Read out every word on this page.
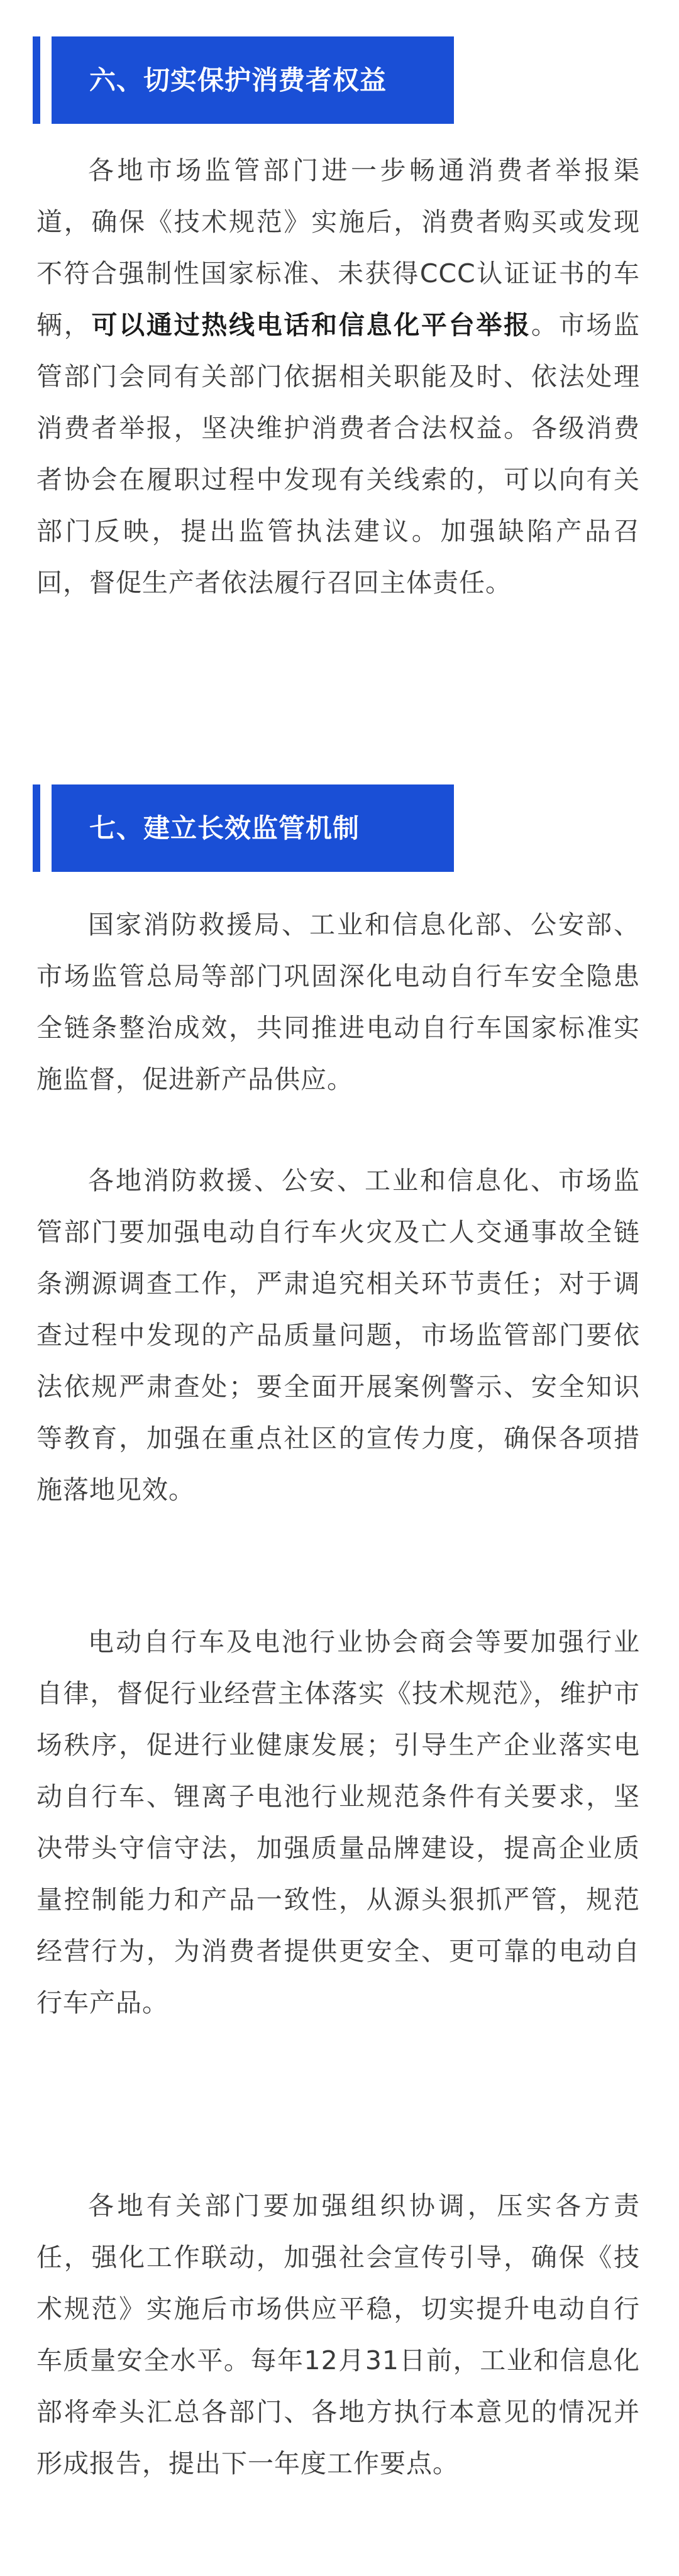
六、切实保护消费者权益

各地市场监管部门进一步畅通消费者举报渠道，确保《技术规范》实施后，消费者购买或发现不符合强制性国家标准、未获得CCC认证证书的车辆，可以通过热线电话和信息化平台举报。市场监管部门会同有关部门依据相关职能及时、依法处理消费者举报，坚决维护消费者合法权益。各级消费者协会在履职过程中发现有关线索的，可以向有关部门反映，提出监管执法建议。加强缺陷产品召回，督促生产者依法履行召回主体责任。

七、建立长效监管机制

国家消防救援局、工业和信息化部、公安部、市场监管总局等部门巩固深化电动自行车安全隐患全链条整治成效，共同推进电动自行车国家标准实施监督，促进新产品供应。

各地消防救援、公安、工业和信息化、市场监管部门要加强电动自行车火灾及亡人交通事故全链条溯源调查工作，严肃追究相关环节责任；对于调查过程中发现的产品质量问题，市场监管部门要依法依规严肃查处；要全面开展案例警示、安全知识等教育，加强在重点社区的宣传力度，确保各项措施落地见效。

电动自行车及电池行业协会商会等要加强行业自律，督促行业经营主体落实《技术规范》，维护市场秩序，促进行业健康发展；引导生产企业落实电动自行车、锂离子电池行业规范条件有关要求，坚决带头守信守法，加强质量品牌建设，提高企业质量控制能力和产品一致性，从源头狠抓严管，规范经营行为，为消费者提供更安全、更可靠的电动自行车产品。

各地有关部门要加强组织协调，压实各方责任，强化工作联动，加强社会宣传引导，确保《技术规范》实施后市场供应平稳，切实提升电动自行车质量安全水平。每年12月31日前，工业和信息化部将牵头汇总各部门、各地方执行本意见的情况并形成报告，提出下一年度工作要点。
